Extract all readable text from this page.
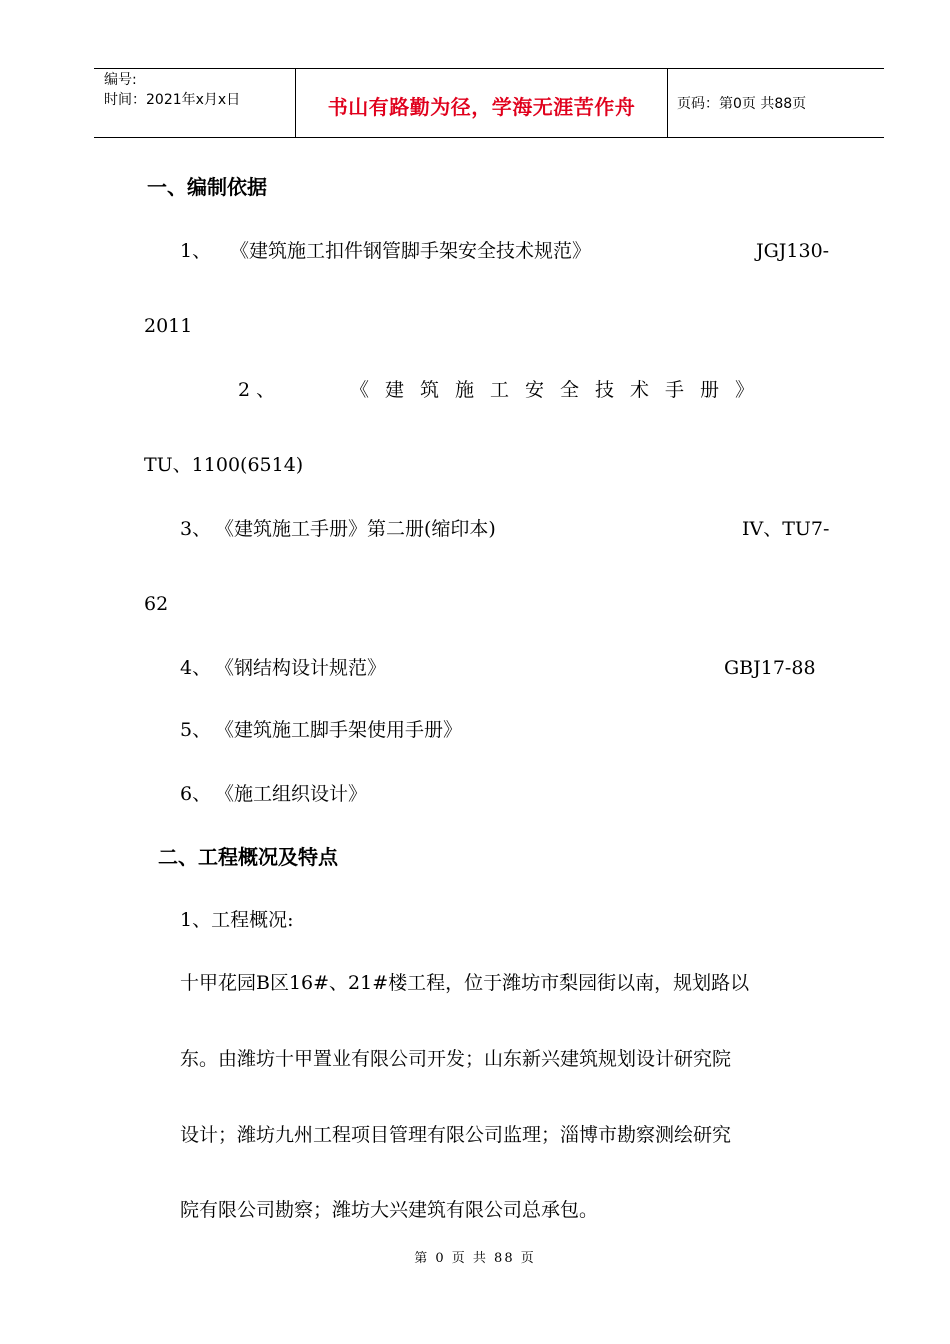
编号:
时间：2021年x月x日	书山有路勤为径，学海无涯苦作舟	页码：第0页 共88页
一、编制依据
1、 《建筑施工扣件钢管脚手架安全技术规范》	JGJ130-
2011
2 、	《建筑施工安全技术手册》
TU、1100(6514)
3、 《建筑施工手册》第二册(缩印本)	IV、TU7-
62
4、 《钢结构设计规范》	GBJ17-88
5、 《建筑施工脚手架使用手册》
6、 《施工组织设计》
二、工程概况及特点
1、工程概况:
十甲花园B区16#、21#楼工程，位于潍坊市梨园街以南，规划路以
东。由潍坊十甲置业有限公司开发；山东新兴建筑规划设计研究院
设计；潍坊九州工程项目管理有限公司监理；淄博市勘察测绘研究
院有限公司勘察；潍坊大兴建筑有限公司总承包。
第 0 页 共 88 页
